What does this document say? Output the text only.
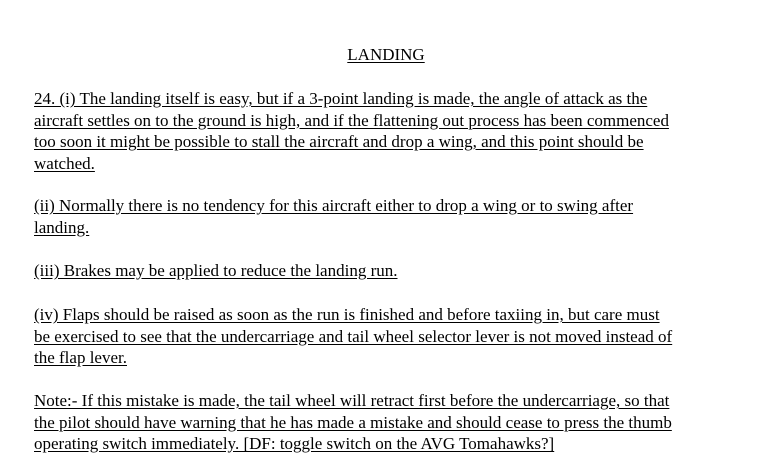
LANDING

24. (i) The landing itself is easy, but if a 3-point landing is made, the angle of attack as the
aircraft settles on to the ground is high, and if the flattening out process has been commenced
too soon it might be possible to stall the aircraft and drop a wing, and this point should be
watched.

(ii) Normally there is no tendency for this aircraft either to drop a wing or to swing after
landing.

(iii) Brakes may be applied to reduce the landing run.

(iv) Flaps should be raised as soon as the run is finished and before taxiing in, but care must
be exercised to see that the undercarriage and tail wheel selector lever is not moved instead of
the flap lever.

Note:- If this mistake is made, the tail wheel will retract first before the undercarriage, so that
the pilot should have warning that he has made a mistake and should cease to press the thumb
operating switch immediately. [DF: toggle switch on the AVG Tomahawks?]
